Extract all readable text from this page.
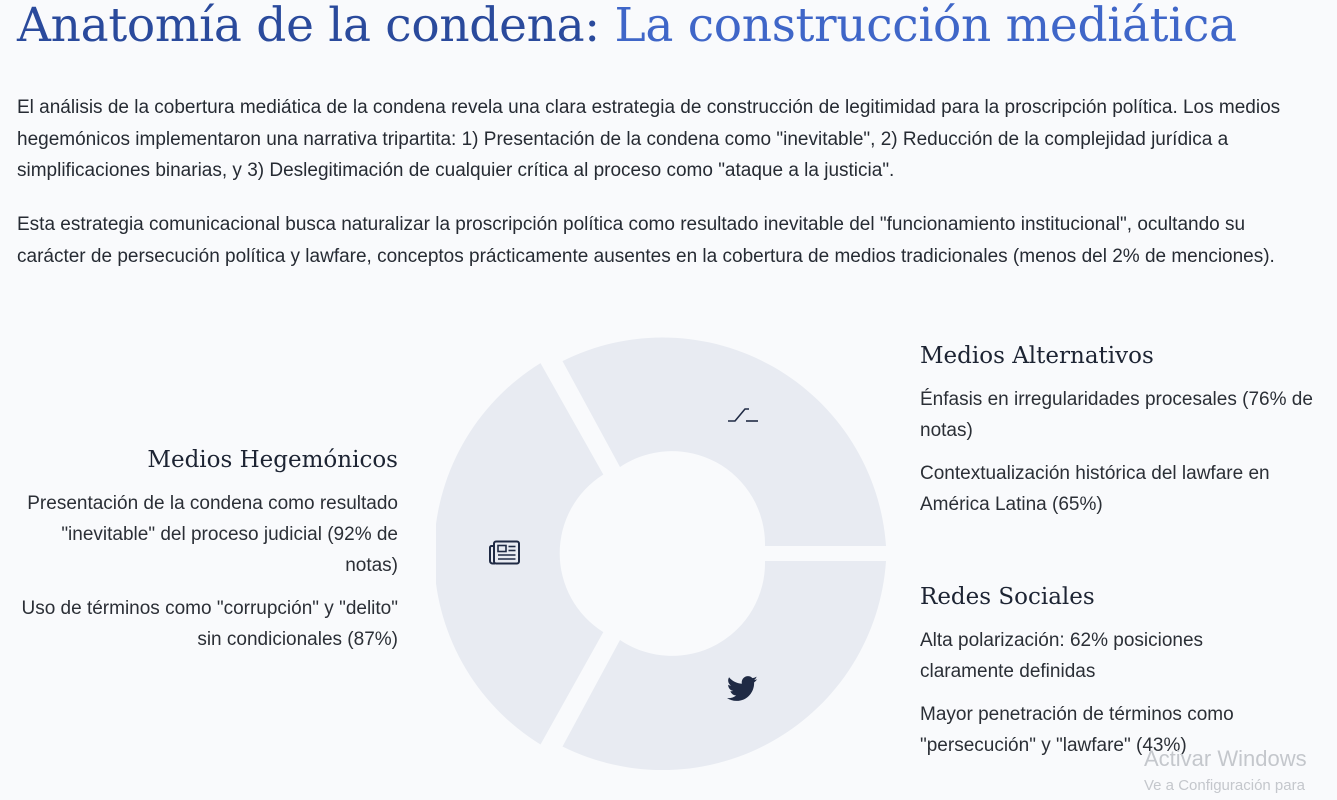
Anatomía de la condena: La construcción mediática

El análisis de la cobertura mediática de la condena revela una clara estrategia de construcción de legitimidad para la proscripción política. Los medios hegemónicos implementaron una narrativa tripartita: 1) Presentación de la condena como "inevitable", 2) Reducción de la complejidad jurídica a simplificaciones binarias, y 3) Deslegitimación de cualquier crítica al proceso como "ataque a la justicia".

Esta estrategia comunicacional busca naturalizar la proscripción política como resultado inevitable del "funcionamiento institucional", ocultando su carácter de persecución política y lawfare, conceptos prácticamente ausentes en la cobertura de medios tradicionales (menos del 2% de menciones).

Medios Hegemónicos

Presentación de la condena como resultado "inevitable" del proceso judicial (92% de notas)

Uso de términos como "corrupción" y "delito" sin condicionales (87%)

Medios Alternativos

Énfasis en irregularidades procesales (76% de notas)

Contextualización histórica del lawfare en América Latina (65%)

Redes Sociales

Alta polarización: 62% posiciones claramente definidas

Mayor penetración de términos como "persecución" y "lawfare" (43%)

Activar Windows
Ve a Configuración para
